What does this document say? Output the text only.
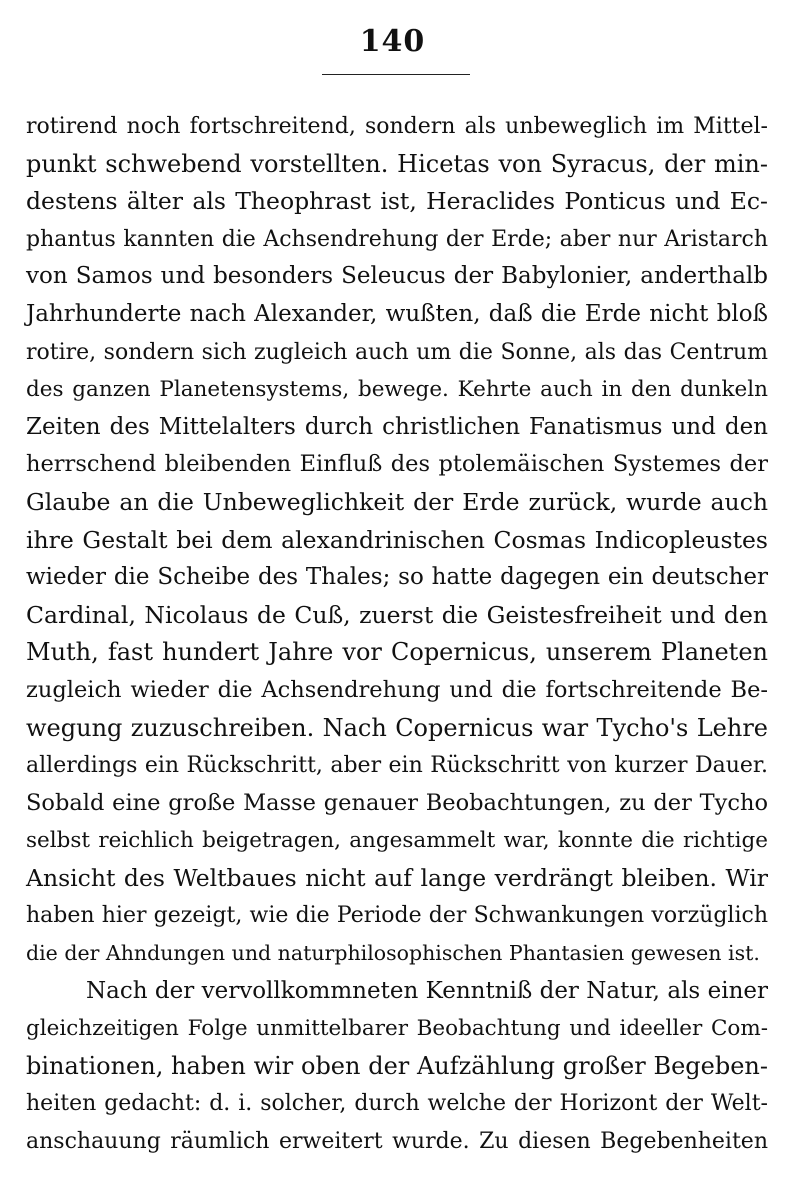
140
rotirend noch fortschreitend, sondern als unbeweglich im Mittel-
punkt schwebend vorstellten. Hicetas von Syracus, der min-
destens älter als Theophrast ist, Heraclides Ponticus und Ec-
phantus kannten die Achsendrehung der Erde; aber nur Aristarch
von Samos und besonders Seleucus der Babylonier, anderthalb
Jahrhunderte nach Alexander, wußten, daß die Erde nicht bloß
rotire, sondern sich zugleich auch um die Sonne, als das Centrum
des ganzen Planetensystems, bewege. Kehrte auch in den dunkeln
Zeiten des Mittelalters durch christlichen Fanatismus und den
herrschend bleibenden Einfluß des ptolemäischen Systemes der
Glaube an die Unbeweglichkeit der Erde zurück, wurde auch
ihre Gestalt bei dem alexandrinischen Cosmas Indicopleustes
wieder die Scheibe des Thales; so hatte dagegen ein deutscher
Cardinal, Nicolaus de Cuß, zuerst die Geistesfreiheit und den
Muth, fast hundert Jahre vor Copernicus, unserem Planeten
zugleich wieder die Achsendrehung und die fortschreitende Be-
wegung zuzuschreiben. Nach Copernicus war Tycho's Lehre
allerdings ein Rückschritt, aber ein Rückschritt von kurzer Dauer.
Sobald eine große Masse genauer Beobachtungen, zu der Tycho
selbst reichlich beigetragen, angesammelt war, konnte die richtige
Ansicht des Weltbaues nicht auf lange verdrängt bleiben. Wir
haben hier gezeigt, wie die Periode der Schwankungen vorzüglich
die der Ahndungen und naturphilosophischen Phantasien gewesen ist.
Nach der vervollkommneten Kenntniß der Natur, als einer
gleichzeitigen Folge unmittelbarer Beobachtung und ideeller Com-
binationen, haben wir oben der Aufzählung großer Begeben-
heiten gedacht: d. i. solcher, durch welche der Horizont der Welt-
anschauung räumlich erweitert wurde. Zu diesen Begebenheiten
